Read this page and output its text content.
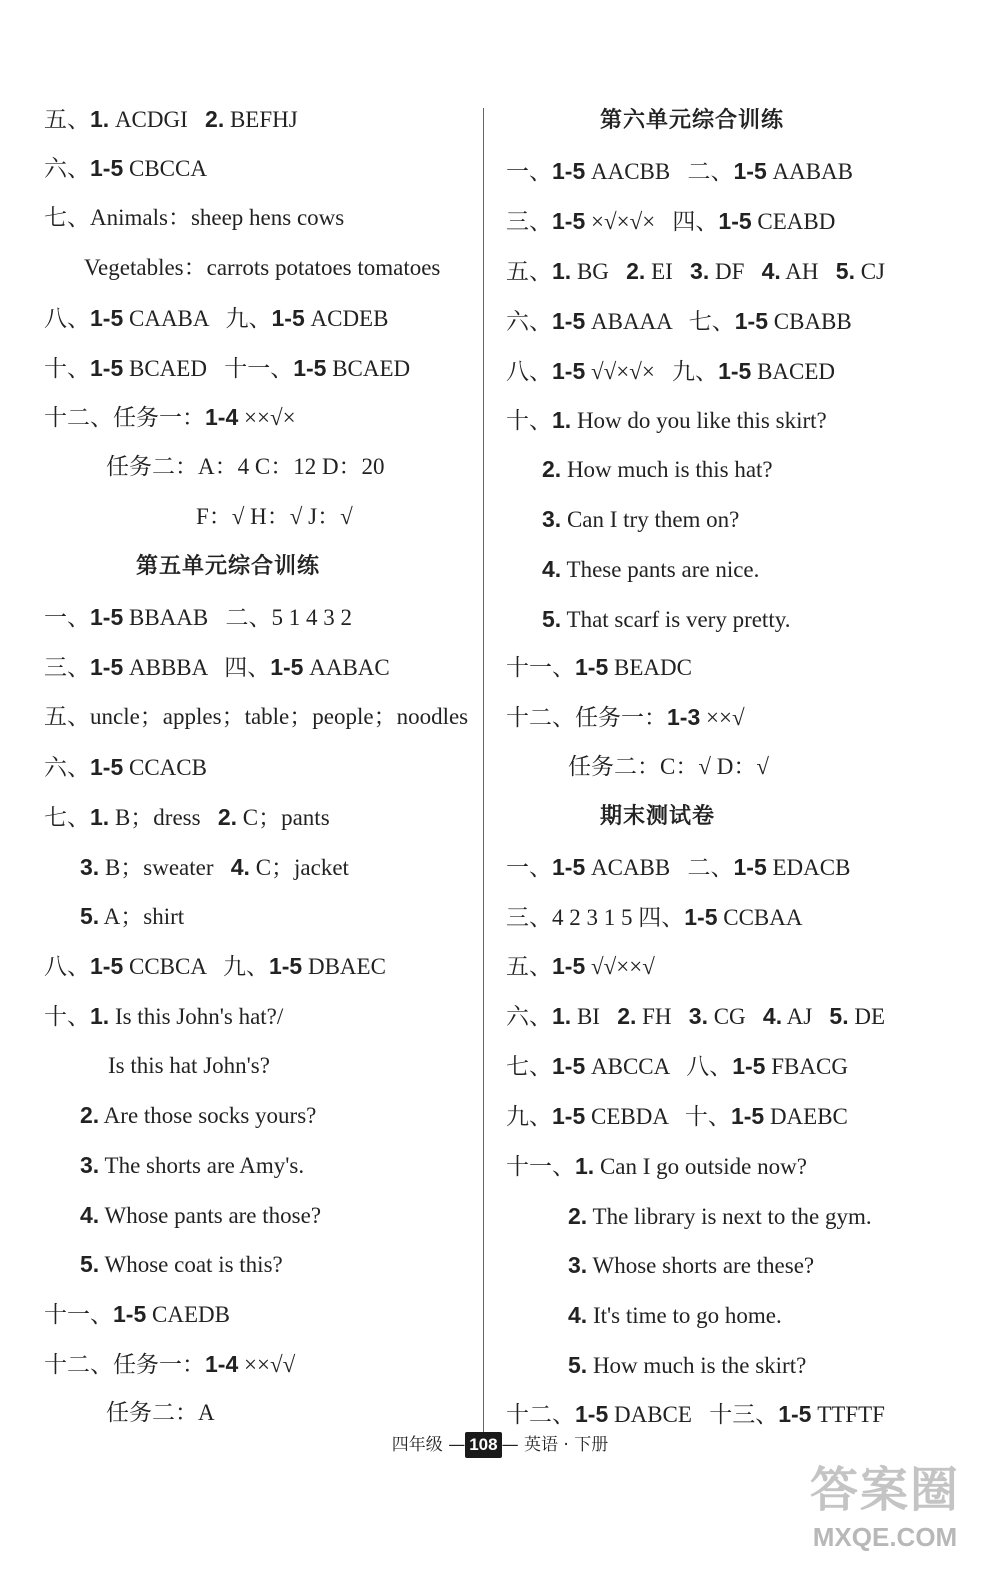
五、1. ACDGI   2. BEFHJ
六、1-5 CBCCA
七、Animals：sheep hens cows
Vegetables：carrots potatoes tomatoes
八、1-5 CAABA   九、1-5 ACDEB
十、1-5 BCAED   十一、1-5 BCAED
十二、任务一：1-4 ××√×
任务二：A：4 C：12 D：20
F：√ H：√ J：√
第五单元综合训练
一、1-5 BBAAB   二、5 1 4 3 2
三、1-5 ABBBA   四、1-5 AABAC
五、uncle；apples；table；people；noodles
六、1-5 CCACB
七、1. B；dress   2. C；pants
3. B；sweater   4. C；jacket
5. A；shirt
八、1-5 CCBCA   九、1-5 DBAEC
十、1. Is this John's hat?/
Is this hat John's?
2. Are those socks yours?
3. The shorts are Amy's.
4. Whose pants are those?
5. Whose coat is this?
十一、1-5 CAEDB
十二、任务一：1-4 ××√√
任务二：A
第六单元综合训练
一、1-5 AACBB   二、1-5 AABAB
三、1-5 ×√×√×   四、1-5 CEABD
五、1. BG   2. EI   3. DF   4. AH   5. CJ
六、1-5 ABAAA   七、1-5 CBABB
八、1-5 √√×√×   九、1-5 BACED
十、1. How do you like this skirt?
2. How much is this hat?
3. Can I try them on?
4. These pants are nice.
5. That scarf is very pretty.
十一、1-5 BEADC
十二、任务一：1-3 ××√
任务二：C：√ D：√
期末测试卷
一、1-5 ACABB   二、1-5 EDACB
三、4 2 3 1 5 四、1-5 CCBAA
五、1-5 √√××√
六、1. BI   2. FH   3. CG   4. AJ   5. DE
七、1-5 ABCCA   八、1-5 FBACG
九、1-5 CEBDA   十、1-5 DAEBC
十一、1. Can I go outside now?
2. The library is next to the gym.
3. Whose shorts are these?
4. It's time to go home.
5. How much is the skirt?
十二、1-5 DABCE   十三、1-5 TTFTF
四年级 — 108 — 英语 · 下册
答案圈
MXQE.COM
